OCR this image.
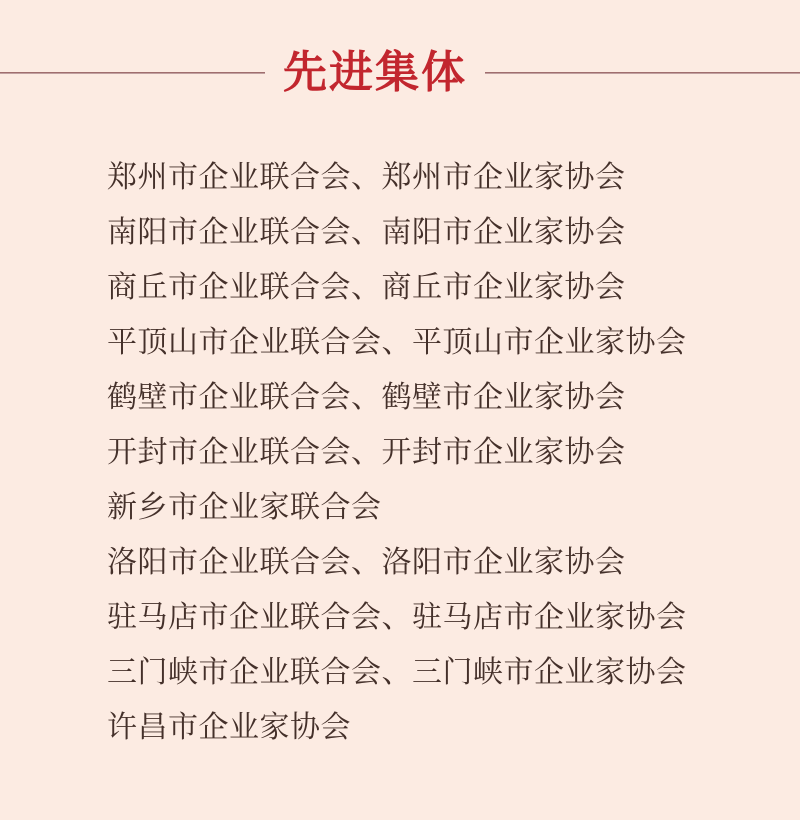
先进集体
郑州市企业联合会、郑州市企业家协会
南阳市企业联合会、南阳市企业家协会
商丘市企业联合会、商丘市企业家协会
平顶山市企业联合会、平顶山市企业家协会
鹤壁市企业联合会、鹤壁市企业家协会
开封市企业联合会、开封市企业家协会
新乡市企业家联合会
洛阳市企业联合会、洛阳市企业家协会
驻马店市企业联合会、驻马店市企业家协会
三门峡市企业联合会、三门峡市企业家协会
许昌市企业家协会
